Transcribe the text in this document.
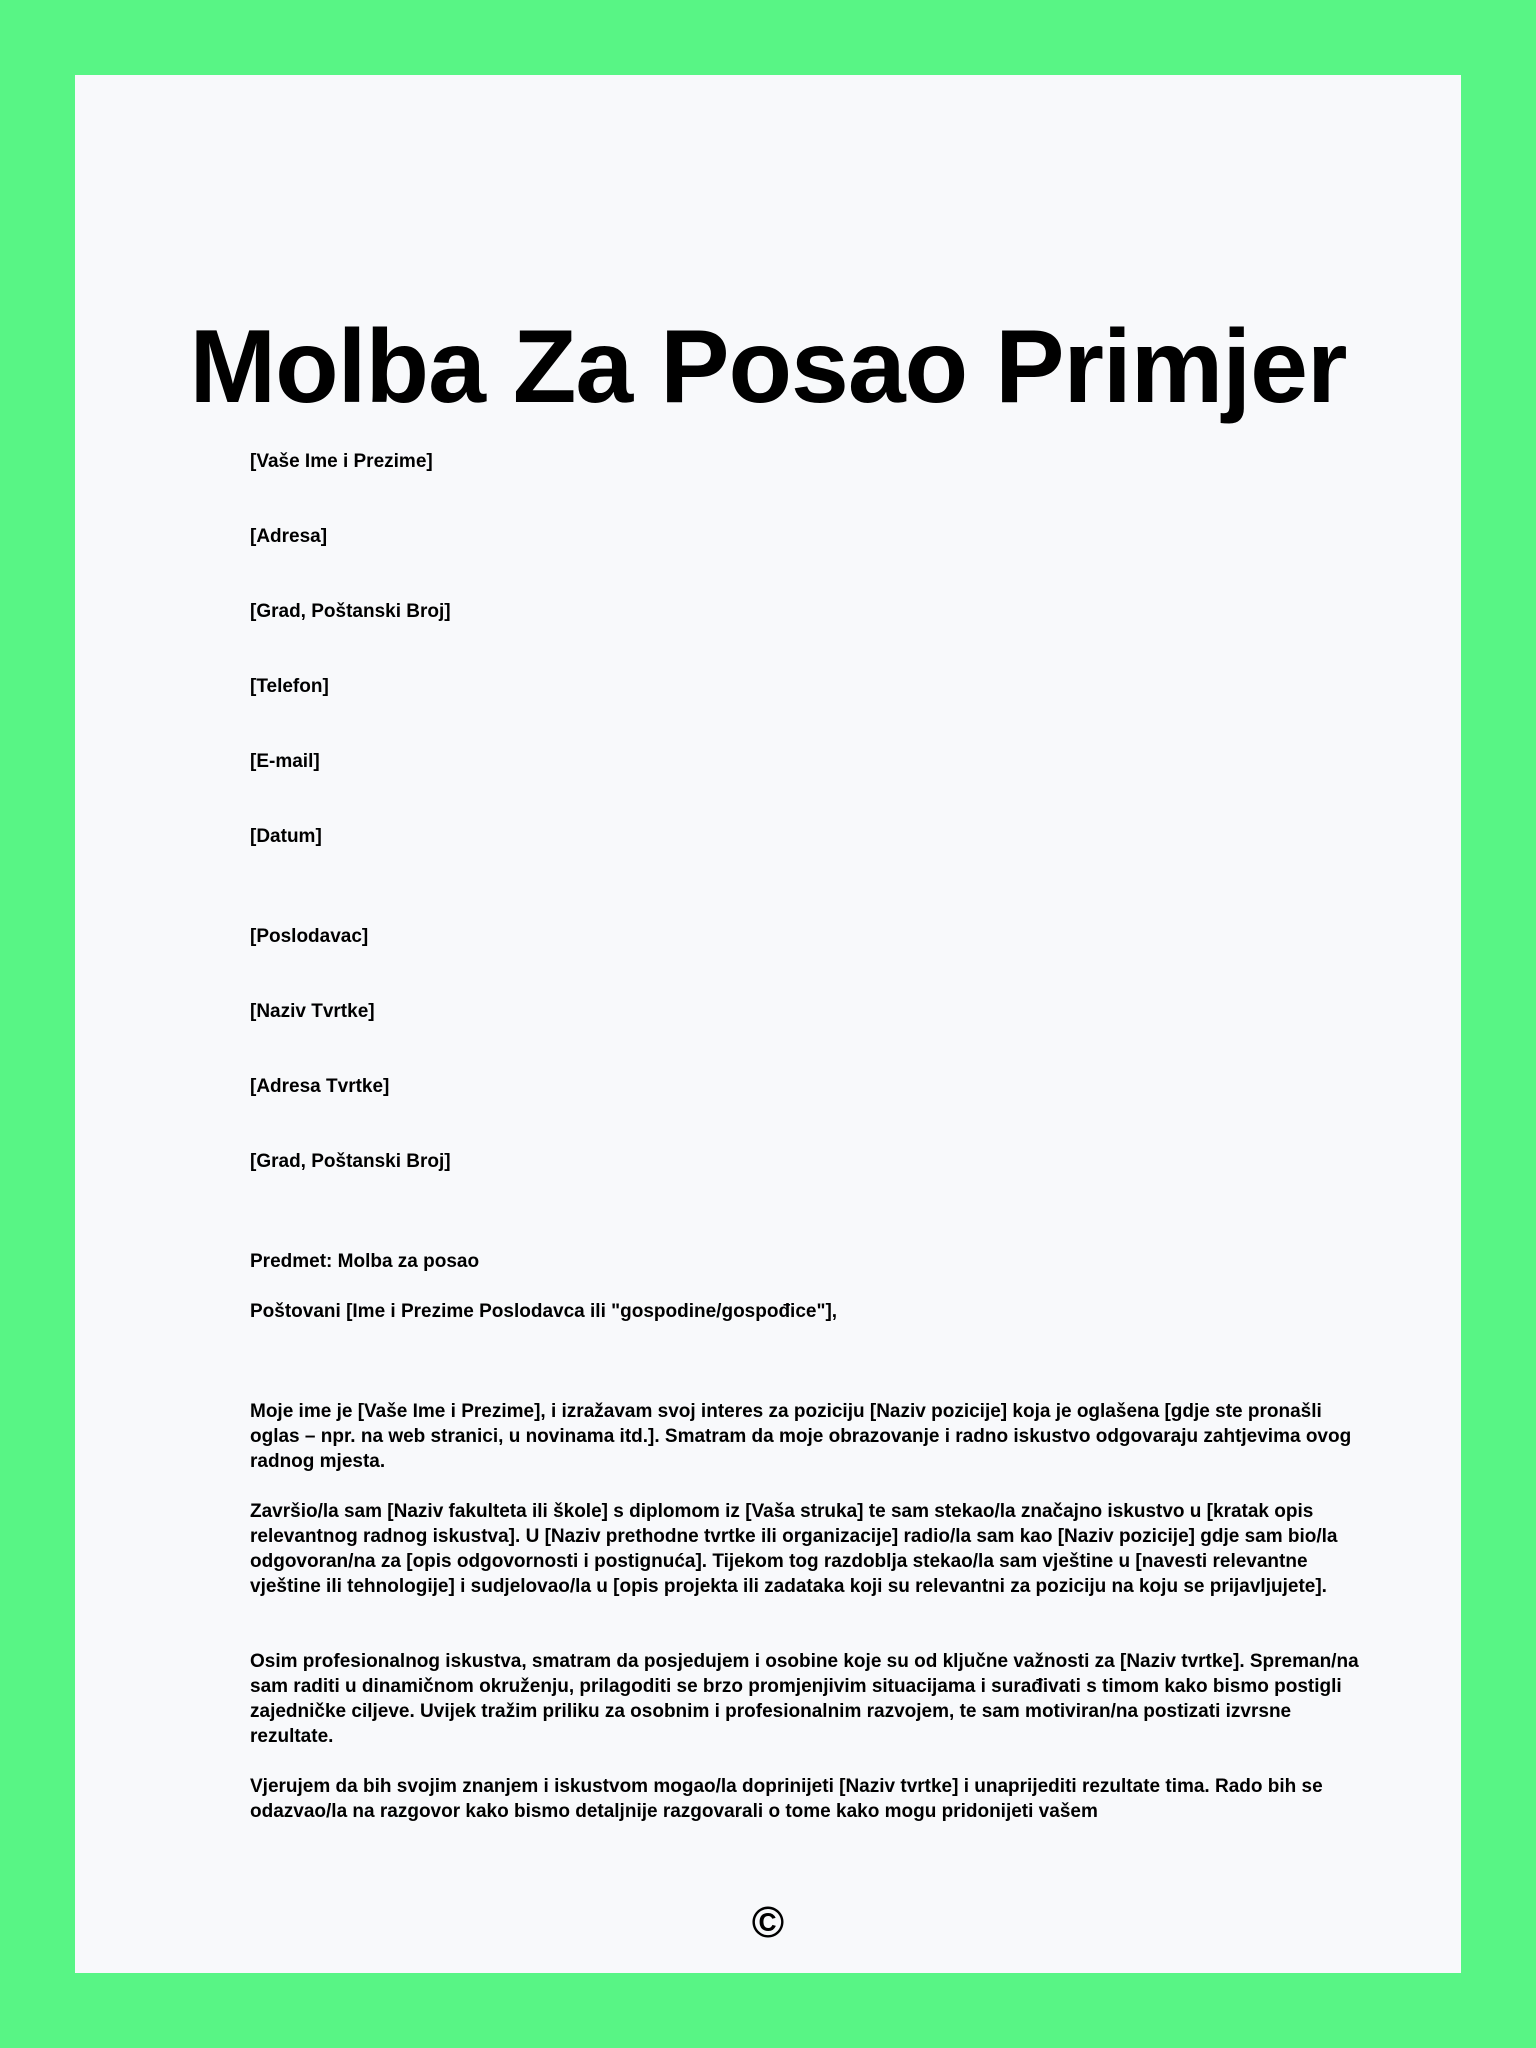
Molba Za Posao Primjer
[Vaše Ime i Prezime]
[Adresa]
[Grad, Poštanski Broj]
[Telefon]
[E-mail]
[Datum]
[Poslodavac]
[Naziv Tvrtke]
[Adresa Tvrtke]
[Grad, Poštanski Broj]
Predmet: Molba za posao
Poštovani [Ime i Prezime Poslodavca ili "gospodine/gospođice"],
Moje ime je [Vaše Ime i Prezime], i izražavam svoj interes za poziciju [Naziv pozicije] koja je oglašena [gdje ste pronašli oglas – npr. na web stranici, u novinama itd.]. Smatram da moje obrazovanje i radno iskustvo odgovaraju zahtjevima ovog radnog mjesta.
Završio/la sam [Naziv fakulteta ili škole] s diplomom iz [Vaša struka] te sam stekao/la značajno iskustvo u [kratak opis relevantnog radnog iskustva]. U [Naziv prethodne tvrtke ili organizacije] radio/la sam kao [Naziv pozicije] gdje sam bio/la odgovoran/na za [opis odgovornosti i postignuća]. Tijekom tog razdoblja stekao/la sam vještine u [navesti relevantne vještine ili tehnologije] i sudjelovao/la u [opis projekta ili zadataka koji su relevantni za poziciju na koju se prijavljujete].
Osim profesionalnog iskustva, smatram da posjedujem i osobine koje su od ključne važnosti za [Naziv tvrtke]. Spreman/na sam raditi u dinamičnom okruženju, prilagoditi se brzo promjenjivim situacijama i surađivati s timom kako bismo postigli zajedničke ciljeve. Uvijek tražim priliku za osobnim i profesionalnim razvojem, te sam motiviran/na postizati izvrsne rezultate.
Vjerujem da bih svojim znanjem i iskustvom mogao/la doprinijeti [Naziv tvrtke] i unaprijediti rezultate tima. Rado bih se odazvao/la na razgovor kako bismo detaljnije razgovarali o tome kako mogu pridonijeti vašem
©
